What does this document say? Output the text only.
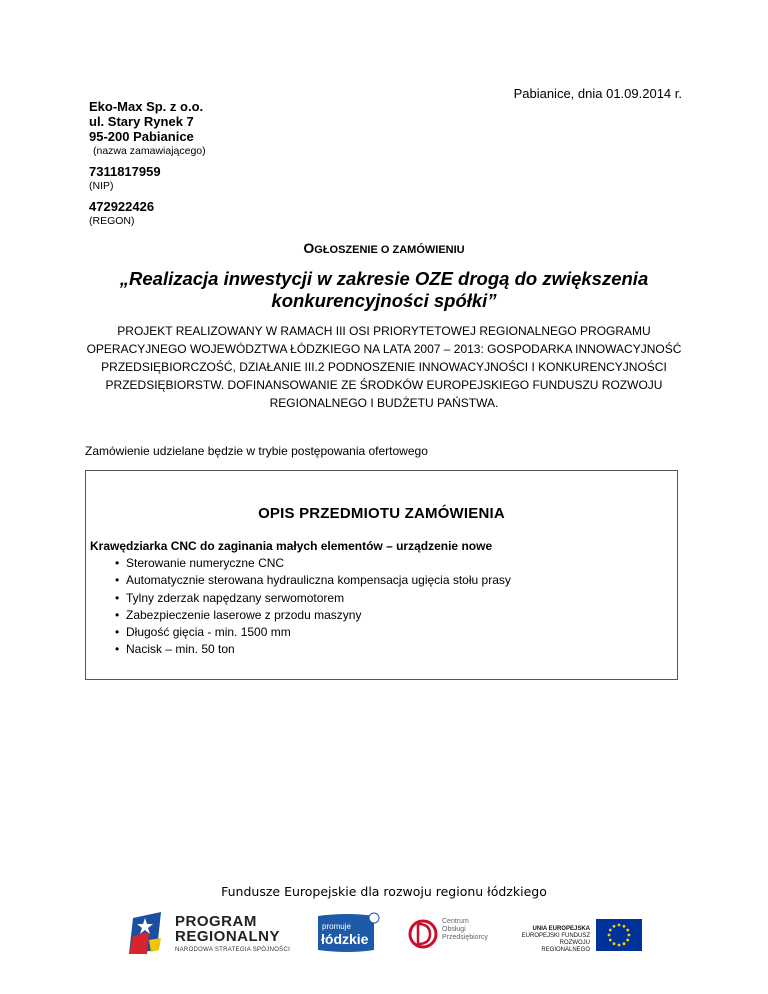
Pabianice, dnia 01.09.2014 r.
Eko-Max Sp. z o.o.
ul. Stary Rynek 7
95-200 Pabianice
(nazwa zamawiającego)
7311817959
(NIP)
472922426
(REGON)
OGŁOSZENIE O ZAMÓWIENIU
„Realizacja inwestycji w zakresie OZE drogą do zwiększenia
konkurencyjności spółki”
PROJEKT REALIZOWANY W RAMACH III OSI PRIORYTETOWEJ REGIONALNEGO PROGRAMU
OPERACYJNEGO WOJEWÓDZTWA ŁÓDZKIEGO NA LATA 2007 – 2013: GOSPODARKA INNOWACYJNOŚĆ
PRZEDSIĘBIORCZOŚĆ, DZIAŁANIE III.2 PODNOSZENIE INNOWACYJNOŚCI I KONKURENCYJNOŚCI
PRZEDSIĘBIORSTW. DOFINANSOWANIE ZE ŚRODKÓW EUROPEJSKIEGO FUNDUSZU ROZWOJU
REGIONALNEGO I BUDŻETU PAŃSTWA.
Zamówienie udzielane będzie w trybie postępowania ofertowego
OPIS PRZEDMIOTU ZAMÓWIENIA
Krawędziarka CNC do zaginania małych elementów – urządzenie nowe
• Sterowanie numeryczne CNC
• Automatycznie sterowana hydrauliczna kompensacja ugięcia stołu prasy
• Tylny zderzak napędzany serwomotorem
• Zabezpieczenie laserowe z przodu maszyny
• Długość gięcia - min. 1500 mm
• Nacisk – min. 50 ton
Fundusze Europejskie dla rozwoju regionu łódzkiego
PROGRAM
REGIONALNY
NARODOWA STRATEGIA SPÓJNOŚCI
promuje
łódzkie
Centrum
Obsługi
Przedsiębiorcy
UNIA EUROPEJSKA
EUROPEJSKI FUNDUSZ
ROZWOJU REGIONALNEGO
